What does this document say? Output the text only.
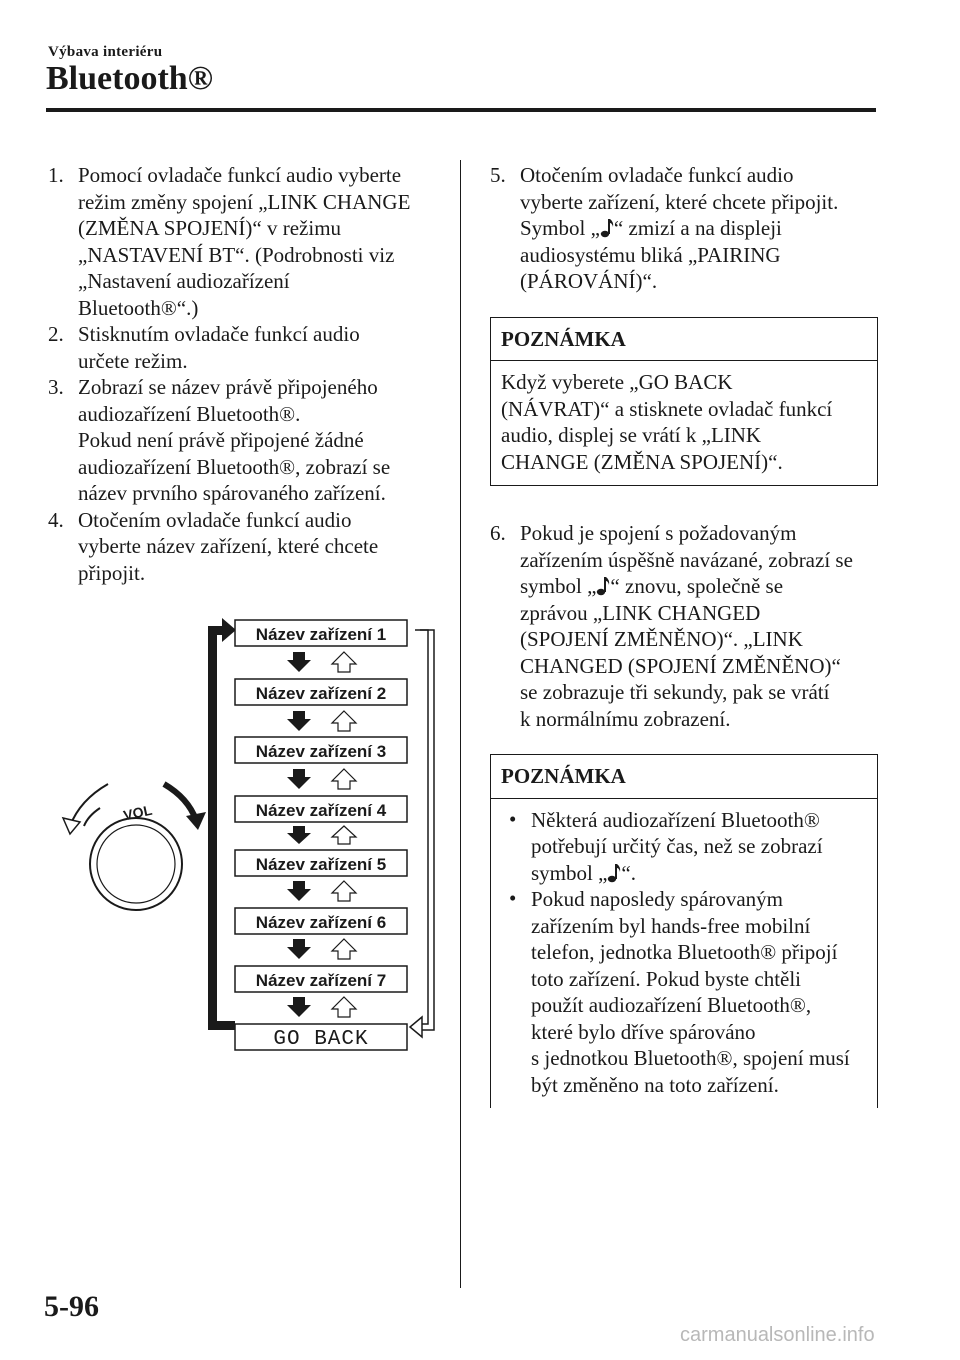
Výbava interiéru
Bluetooth®
1. Pomocí ovladače funkcí audio vyberte
režim změny spojení „LINK CHANGE
(ZMĚNA SPOJENÍ)“ v režimu
„NASTAVENÍ BT“. (Podrobnosti viz
„Nastavení audiozařízení
Bluetooth®“.)
2. Stisknutím ovladače funkcí audio
určete režim.
3. Zobrazí se název právě připojeného
audiozařízení Bluetooth®.
Pokud není právě připojené žádné
audiozařízení Bluetooth®, zobrazí se
název prvního spárovaného zařízení.
4. Otočením ovladače funkcí audio
vyberte název zařízení, které chcete
připojit.
VOL
Název zařízení 1
Název zařízení 2
Název zařízení 3
Název zařízení 4
Název zařízení 5
Název zařízení 6
Název zařízení 7
GO BACK
5. Otočením ovladače funkcí audio
vyberte zařízení, které chcete připojit.
Symbol „ “ zmizí a na displeji
audiosystému bliká „PAIRING
(PÁROVÁNÍ)“.
POZNÁMKA
Když vyberete „GO BACK
(NÁVRAT)“ a stisknete ovladač funkcí
audio, displej se vrátí k „LINK
CHANGE (ZMĚNA SPOJENÍ)“.
6. Pokud je spojení s požadovaným
zařízením úspěšně navázané, zobrazí se
symbol „ “ znovu, společně se
zprávou „LINK CHANGED
(SPOJENÍ ZMĚNĚNO)“. „LINK
CHANGED (SPOJENÍ ZMĚNĚNO)“
se zobrazuje tři sekundy, pak se vrátí
k normálnímu zobrazení.
POZNÁMKA
• Některá audiozařízení Bluetooth®
potřebují určitý čas, než se zobrazí
symbol „ “.
• Pokud naposledy spárovaným
zařízením byl hands-free mobilní
telefon, jednotka Bluetooth® připojí
toto zařízení. Pokud byste chtěli
použít audiozařízení Bluetooth®,
které bylo dříve spárováno
s jednotkou Bluetooth®, spojení musí
být změněno na toto zařízení.
5-96
carmanualsonline.info
